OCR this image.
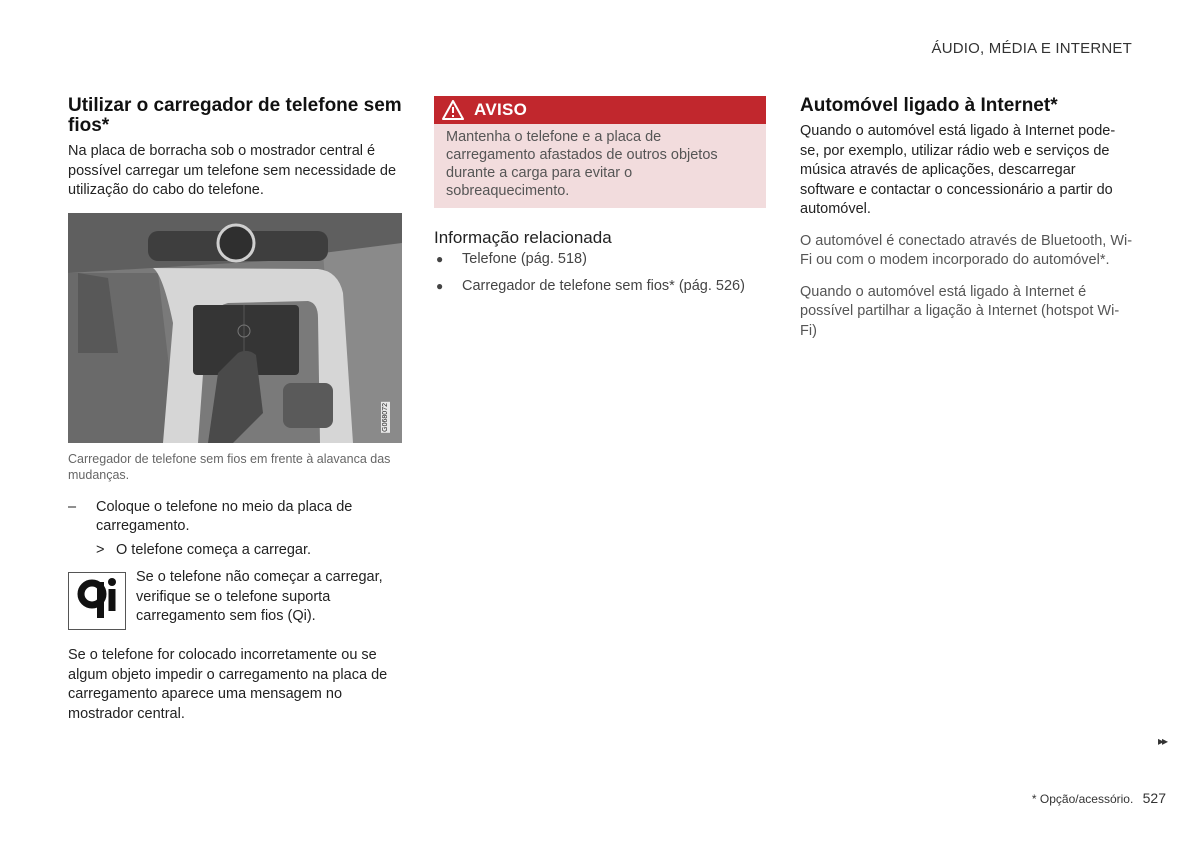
ÁUDIO, MÉDIA E INTERNET
Utilizar o carregador de telefone sem fios*

Na placa de borracha sob o mostrador central é possível carregar um telefone sem necessidade de utilização do cabo do telefone.

G068072
Carregador de telefone sem fios em frente à alavanca das mudanças.
– Coloque o telefone no meio da placa de carregamento.
> O telefone começa a carregar.

Se o telefone não começar a carregar, verifique se o telefone suporta carregamento sem fios (Qi).

Se o telefone for colocado incorretamente ou se algum objeto impedir o carregamento na placa de carregamento aparece uma mensagem no mostrador central.

AVISO
Mantenha o telefone e a placa de carregamento afastados de outros objetos durante a carga para evitar o sobreaquecimento.
Informação relacionada
● Telefone (pág. 518)
● Carregador de telefone sem fios* (pág. 526)
Automóvel ligado à Internet*

Quando o automóvel está ligado à Internet pode-se, por exemplo, utilizar rádio web e serviços de música através de aplicações, descarregar software e contactar o concessionário a partir do automóvel.

O automóvel é conectado através de Bluetooth, Wi-Fi ou com o modem incorporado do automóvel*.

Quando o automóvel está ligado à Internet é possível partilhar a ligação à Internet (hotspot Wi-Fi)

▸▸
* Opção/acessório. 527
